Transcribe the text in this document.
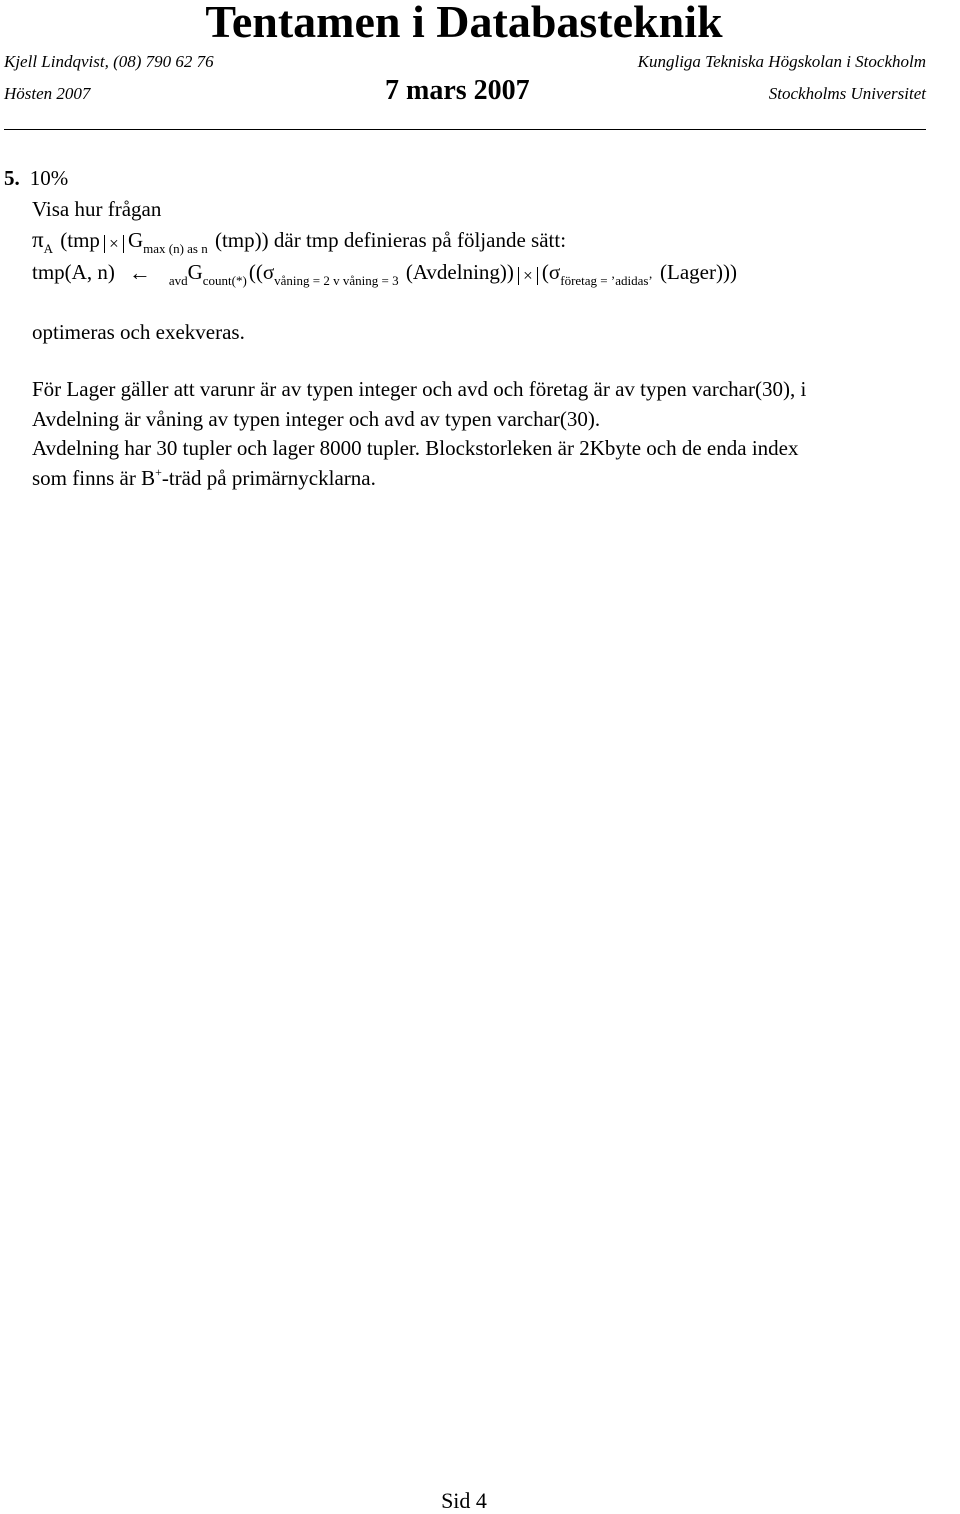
Tentamen i Databasteknik
Kjell Lindqvist, (08) 790 62 76	Kungliga Tekniska Högskolan i Stockholm
Hösten 2007	7 mars 2007	Stockholms Universitet
5. 10%
Visa hur frågan
$\pi_A$ ($tmp \times G_{max (n) as n}$ (tmp)) där tmp definieras på följande sätt:
tmp(A, n) ← $_{avd}G_{count(*)}((\sigma_{våning = 2 v våning = 3}$ (Avdelning)) × ($\sigma_{företag = ’adidas’}$ (Lager)))
optimeras och exekveras.

För Lager gäller att varunr är av typen integer och avd och företag är av typen varchar(30), i

Avdelning är våning av typen integer och avd av typen varchar(30).

Avdelning har 30 tupler och lager 8000 tupler. Blockstorleken är 2Kbyte och de enda index

som finns är B+-träd på primärnycklarna.

Sid 4
